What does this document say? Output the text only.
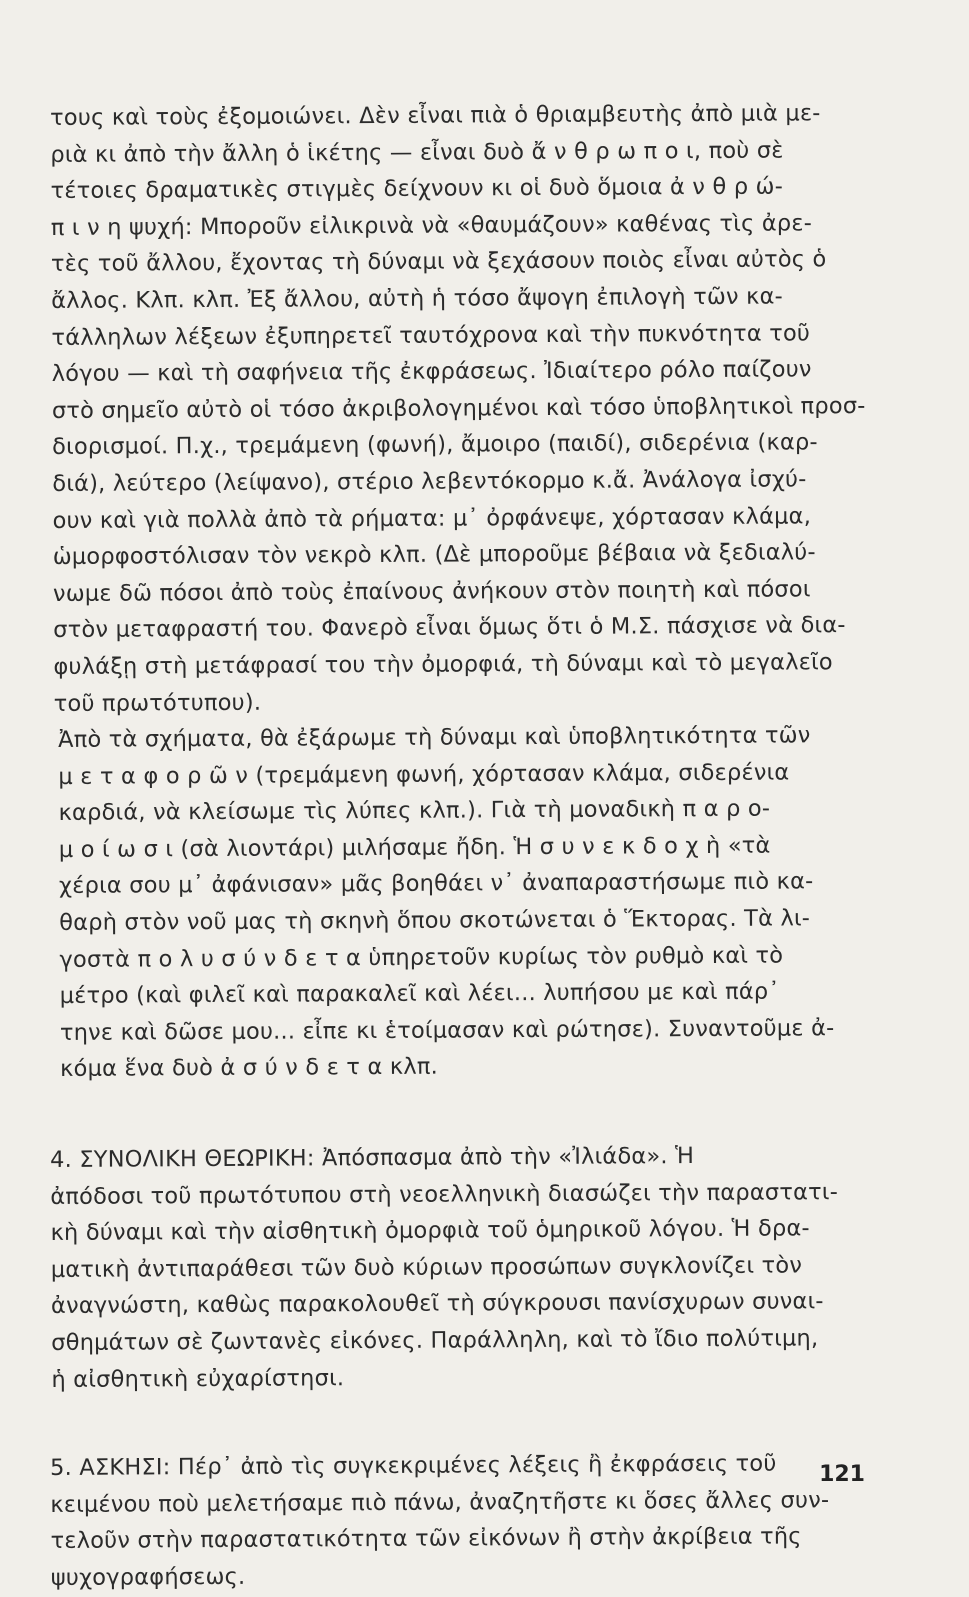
τους καὶ τοὺς ἐξομοιώνει. Δὲν εἶναι πιὰ ὁ θριαμβευτὴς ἀπὸ μιὰ με-
ριὰ κι ἀπὸ τὴν ἄλλη ὁ ἱκέτης — εἶναι δυὸ ἄ ν θ ρ ω π ο ι, ποὺ σὲ
τέτοιες δραματικὲς στιγμὲς δείχνουν κι οἱ δυὸ ὅμοια ἀ ν θ ρ ώ-
π ι ν η ψυχή: Μποροῦν εἰλικρινὰ νὰ «θαυμάζουν» καθένας τὶς ἀρε-
τὲς τοῦ ἄλλου, ἔχοντας τὴ δύναμι νὰ ξεχάσουν ποιὸς εἶναι αὐτὸς ὁ
ἄλλος. Κλπ. κλπ. Ἐξ ἄλλου, αὐτὴ ἡ τόσο ἄψογη ἐπιλογὴ τῶν κα-
τάλληλων λέξεων ἐξυπηρετεῖ ταυτόχρονα καὶ τὴν πυκνότητα τοῦ
λόγου — καὶ τὴ σαφήνεια τῆς ἐκφράσεως. Ἰδιαίτερο ρόλο παίζουν
στὸ σημεῖο αὐτὸ οἱ τόσο ἀκριβολογημένοι καὶ τόσο ὑποβλητικοὶ προσ-
διορισμοί. Π.χ., τρεμάμενη (φωνή), ἄμοιρο (παιδί), σιδερένια (καρ-
διά), λεύτερο (λείψανο), στέριο λεβεντόκορμο κ.ἄ. Ἀνάλογα ἰσχύ-
ουν καὶ γιὰ πολλὰ ἀπὸ τὰ ρήματα: μ᾽ ὀρφάνεψε, χόρτασαν κλάμα,
ὡμορφοστόλισαν τὸν νεκρὸ κλπ. (Δὲ μποροῦμε βέβαια νὰ ξεδιαλύ-
νωμε δῶ πόσοι ἀπὸ τοὺς ἐπαίνους ἀνήκουν στὸν ποιητὴ καὶ πόσοι
στὸν μεταφραστή του. Φανερὸ εἶναι ὅμως ὅτι ὁ Μ.Σ. πάσχισε νὰ δια-
φυλάξῃ στὴ μετάφρασί του τὴν ὀμορφιά, τὴ δύναμι καὶ τὸ μεγαλεῖο
τοῦ πρωτότυπου).
Ἀπὸ τὰ σχήματα, θὰ ἐξάρωμε τὴ δύναμι καὶ ὑποβλητικότητα τῶν
μ ε τ α φ ο ρ ῶ ν (τρεμάμενη φωνή, χόρτασαν κλάμα, σιδερένια
καρδιά, νὰ κλείσωμε τὶς λύπες κλπ.). Γιὰ τὴ μοναδικὴ π α ρ ο-
μ ο ί ω σ ι (σὰ λιοντάρι) μιλήσαμε ἤδη. Ἡ σ υ ν ε κ δ ο χ ὴ «τὰ
χέρια σου μ᾽ ἀφάνισαν» μᾶς βοηθάει ν᾽ ἀναπαραστήσωμε πιὸ κα-
θαρὴ στὸν νοῦ μας τὴ σκηνὴ ὅπου σκοτώνεται ὁ Ἕκτορας. Τὰ λι-
γοστὰ π ο λ υ σ ύ ν δ ε τ α ὑπηρετοῦν κυρίως τὸν ρυθμὸ καὶ τὸ
μέτρο (καὶ φιλεῖ καὶ παρακαλεῖ καὶ λέει... λυπήσου με καὶ πάρ᾽
τηνε καὶ δῶσε μου... εἶπε κι ἑτοίμασαν καὶ ρώτησε). Συναντοῦμε ἀ-
κόμα ἕνα δυὸ ἀ σ ύ ν δ ε τ α κλπ.
4. ΣΥΝΟΛΙΚΗ ΘΕΩΡΙΚΗ: Ἀπόσπασμα ἀπὸ τὴν «Ἰλιάδα». Ἡ
ἀπόδοσι τοῦ πρωτότυπου στὴ νεοελληνικὴ διασώζει τὴν παραστατι-
κὴ δύναμι καὶ τὴν αἰσθητικὴ ὀμορφιὰ τοῦ ὁμηρικοῦ λόγου. Ἡ δρα-
ματικὴ ἀντιπαράθεσι τῶν δυὸ κύριων προσώπων συγκλονίζει τὸν
ἀναγνώστη, καθὼς παρακολουθεῖ τὴ σύγκρουσι πανίσχυρων συναι-
σθημάτων σὲ ζωντανὲς εἰκόνες. Παράλληλη, καὶ τὸ ἴδιο πολύτιμη,
ἡ αἰσθητικὴ εὐχαρίστησι.
5. ΑΣΚΗΣΙ: Πέρ᾽ ἀπὸ τὶς συγκεκριμένες λέξεις ἢ ἐκφράσεις τοῦ
κειμένου ποὺ μελετήσαμε πιὸ πάνω, ἀναζητῆστε κι ὅσες ἄλλες συν-
τελοῦν στὴν παραστατικότητα τῶν εἰκόνων ἢ στὴν ἀκρίβεια τῆς
ψυχογραφήσεως.
121
